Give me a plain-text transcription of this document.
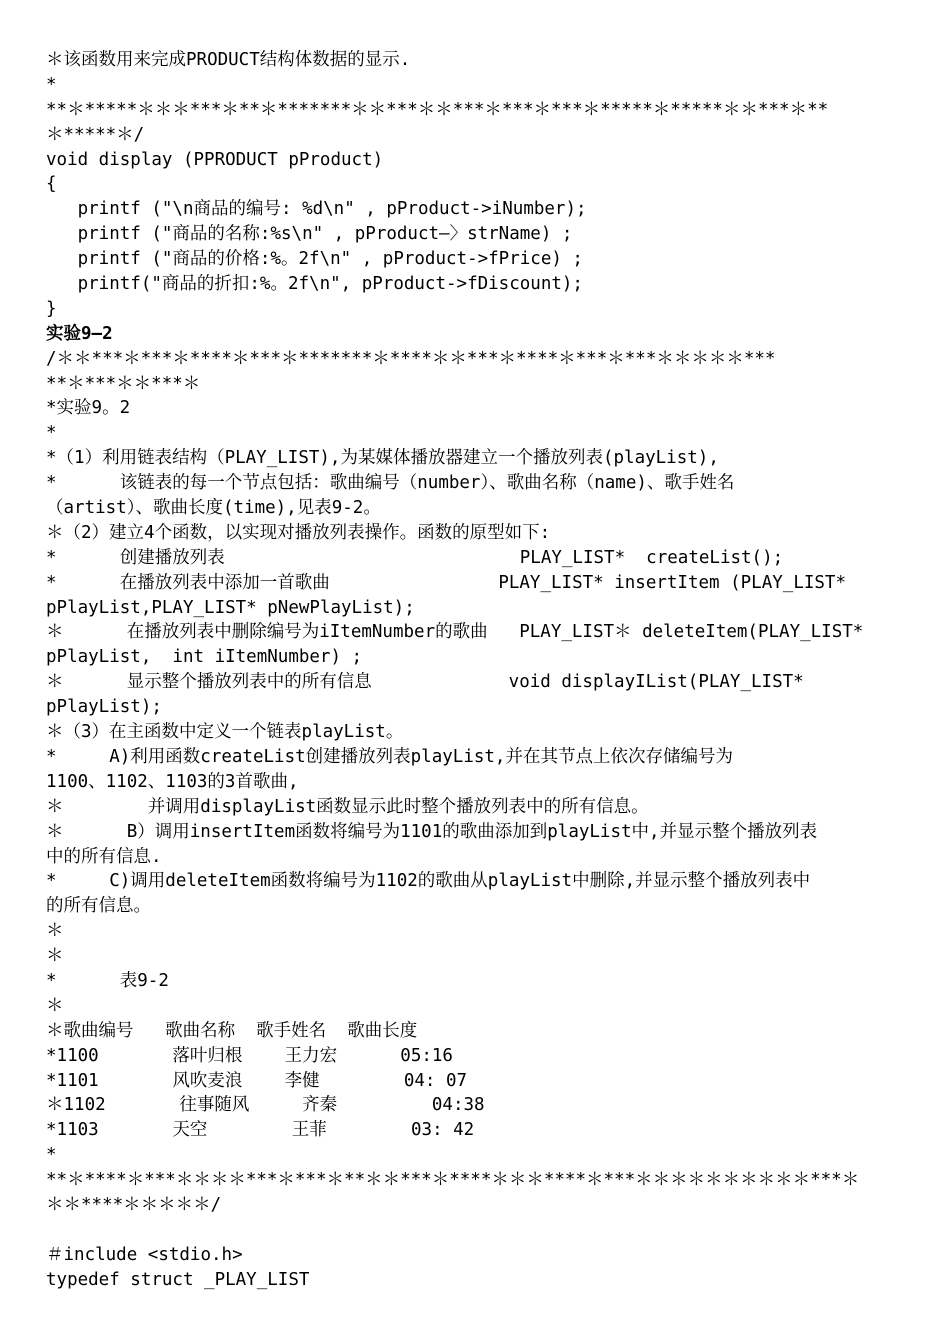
＊该函数用来完成PRODUCT结构体数据的显示.
*
**＊*****＊＊＊***＊**＊*******＊＊***＊＊***＊***＊***＊*****＊*****＊＊***＊**
＊*****＊/
void display (PPRODUCT pProduct)
{
printf ("\n商品的编号: %d\n" , pProduct->iNumber);
printf ("商品的名称:%s\n" , pProduct—〉strName) ;
printf ("商品的价格:%。2f\n" , pProduct->fPrice) ;
printf("商品的折扣:%。2f\n", pProduct->fDiscount);
}
实验9—2
/＊＊***＊***＊****＊***＊*******＊****＊＊***＊****＊***＊***＊＊＊＊＊***
**＊***＊＊***＊
*实验9。2
*
*（1）利用链表结构（PLAY_LIST),为某媒体播放器建立一个播放列表(playList),
*      该链表的每一个节点包括：歌曲编号（number）、歌曲名称（name)、歌手姓名
（artist）、歌曲长度(time),见表9-2。
＊（2）建立4个函数，以实现对播放列表操作。函数的原型如下:
*      创建播放列表                            PLAY_LIST*  createList();
*      在播放列表中添加一首歌曲                PLAY_LIST* insertItem (PLAY_LIST*
pPlayList,PLAY_LIST* pNewPlayList);
＊      在播放列表中删除编号为iItemNumber的歌曲   PLAY_LIST＊ deleteItem(PLAY_LIST*
pPlayList,  int iItemNumber) ;
＊      显示整个播放列表中的所有信息             void displayIList(PLAY_LIST*
pPlayList);
＊（3）在主函数中定义一个链表playList。
*     A)利用函数createList创建播放列表playList,并在其节点上依次存储编号为
1100、1102、1103的3首歌曲,
＊        并调用displayList函数显示此时整个播放列表中的所有信息。
＊      B）调用insertItem函数将编号为1101的歌曲添加到playList中,并显示整个播放列表
中的所有信息.
*     C)调用deleteItem函数将编号为1102的歌曲从playList中删除,并显示整个播放列表中
的所有信息。
＊
＊
*      表9-2
＊
＊歌曲编号   歌曲名称  歌手姓名  歌曲长度
*1100       落叶归根    王力宏      05:16
*1101       风吹麦浪    李健        04: 07
＊1102       往事随风     齐秦         04:38
*1103       天空        王菲        03: 42
*
**＊****＊***＊＊＊＊***＊***＊**＊＊***＊****＊＊＊****＊***＊＊＊＊＊＊＊＊＊＊***＊
＊＊****＊＊＊＊＊/
＃include <stdio.h>
typedef struct _PLAY_LIST
